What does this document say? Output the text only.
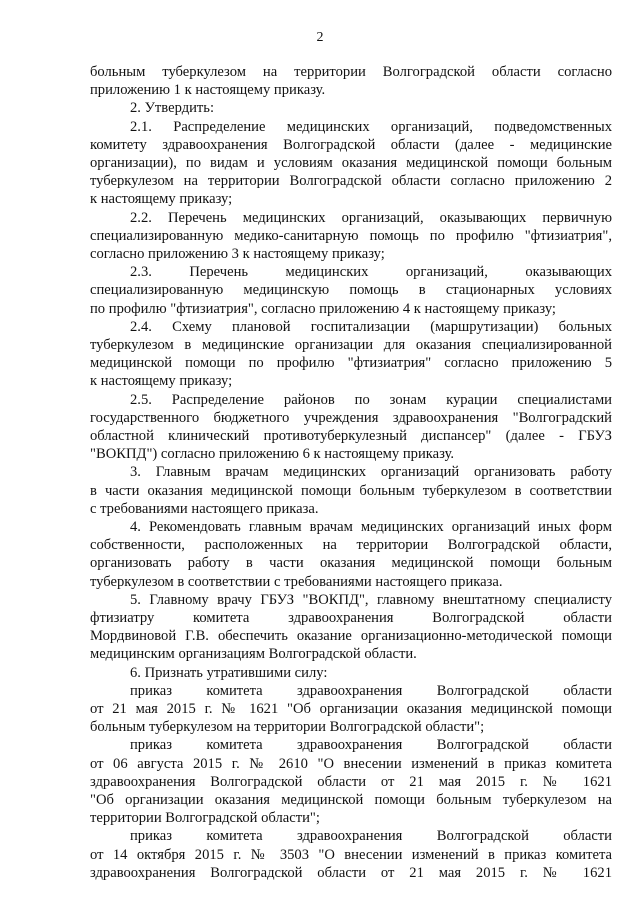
2
больным туберкулезом на территории Волгоградской области согласно
приложению 1 к настоящему приказу.
2. Утвердить:
2.1. Распределение медицинских организаций, подведомственных
комитету здравоохранения Волгоградской области (далее - медицинские
организации), по видам и условиям оказания медицинской помощи больным
туберкулезом на территории Волгоградской области согласно приложению 2
к настоящему приказу;
2.2. Перечень медицинских организаций, оказывающих первичную
специализированную медико-санитарную помощь по профилю "фтизиатрия",
согласно приложению 3 к настоящему приказу;
2.3. Перечень медицинских организаций, оказывающих
специализированную медицинскую помощь в стационарных условиях
по профилю "фтизиатрия", согласно приложению 4 к настоящему приказу;
2.4. Схему плановой госпитализации (маршрутизации) больных
туберкулезом в медицинские организации для оказания специализированной
медицинской помощи по профилю "фтизиатрия" согласно приложению 5
к настоящему приказу;
2.5. Распределение районов по зонам курации специалистами
государственного бюджетного учреждения здравоохранения "Волгоградский
областной клинический противотуберкулезный диспансер" (далее - ГБУЗ
"ВОКПД") согласно приложению 6 к настоящему приказу.
3. Главным врачам медицинских организаций организовать работу
в части оказания медицинской помощи больным туберкулезом в соответствии
с требованиями настоящего приказа.
4. Рекомендовать главным врачам медицинских организаций иных форм
собственности, расположенных на территории Волгоградской области,
организовать работу в части оказания медицинской помощи больным
туберкулезом в соответствии с требованиями настоящего приказа.
5. Главному врачу ГБУЗ "ВОКПД", главному внештатному специалисту
фтизиатру комитета здравоохранения Волгоградской области
Мордвиновой Г.В. обеспечить оказание организационно-методической помощи
медицинским организациям Волгоградской области.
6. Признать утратившими силу:
приказ комитета здравоохранения Волгоградской области
от 21 мая 2015 г. № 1621 "Об организации оказания медицинской помощи
больным туберкулезом на территории Волгоградской области";
приказ комитета здравоохранения Волгоградской области
от 06 августа 2015 г. № 2610 "О внесении изменений в приказ комитета
здравоохранения Волгоградской области от 21 мая 2015 г. № 1621
"Об организации оказания медицинской помощи больным туберкулезом на
территории Волгоградской области";
приказ комитета здравоохранения Волгоградской области
от 14 октября 2015 г. № 3503 "О внесении изменений в приказ комитета
здравоохранения Волгоградской области от 21 мая 2015 г. № 1621
